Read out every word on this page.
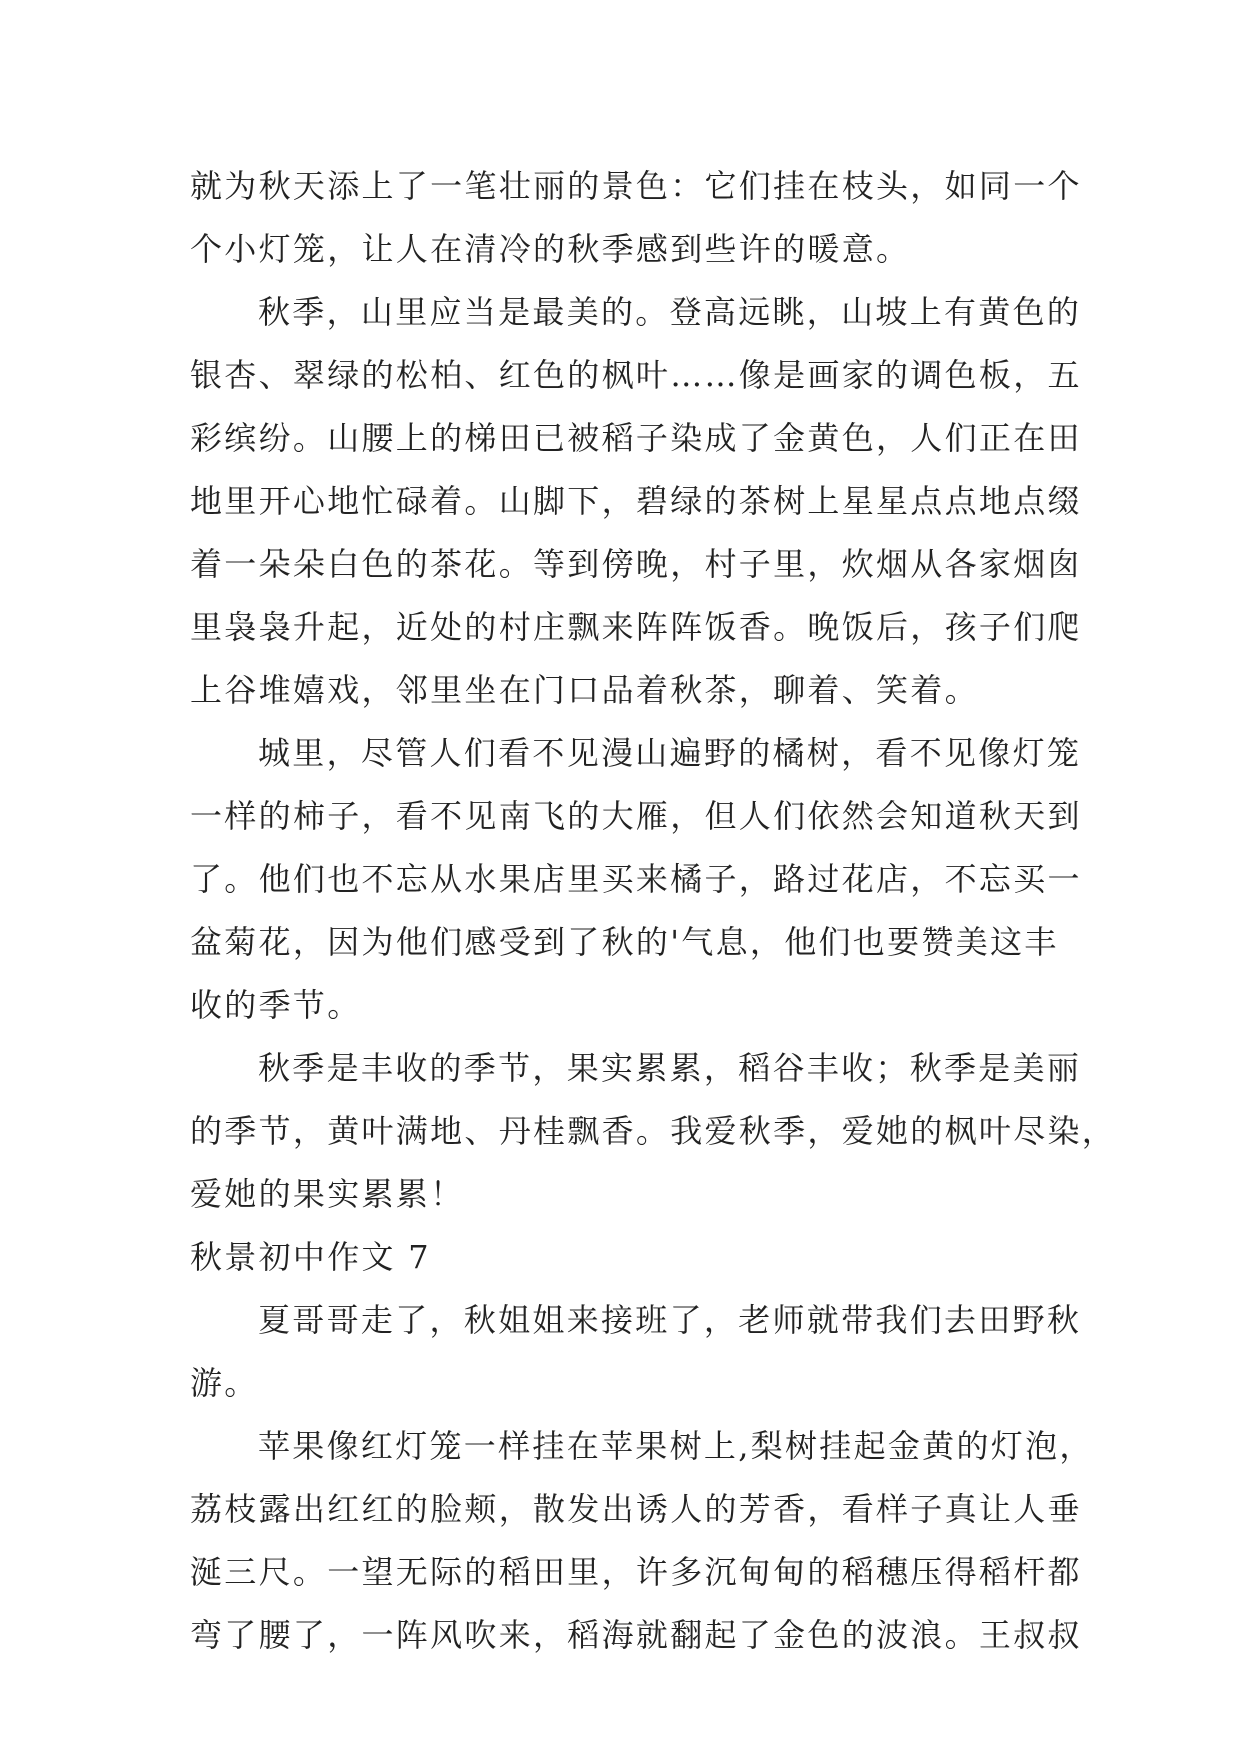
就为秋天添上了一笔壮丽的景色：它们挂在枝头，如同一个
个小灯笼，让人在清冷的秋季感到些许的暖意。
秋季，山里应当是最美的。登高远眺，山坡上有黄色的
银杏、翠绿的松柏、红色的枫叶……像是画家的调色板，五
彩缤纷。山腰上的梯田已被稻子染成了金黄色，人们正在田
地里开心地忙碌着。山脚下，碧绿的茶树上星星点点地点缀
着一朵朵白色的茶花。等到傍晚，村子里，炊烟从各家烟囱
里袅袅升起，近处的村庄飘来阵阵饭香。晚饭后，孩子们爬
上谷堆嬉戏，邻里坐在门口品着秋茶，聊着、笑着。
城里，尽管人们看不见漫山遍野的橘树，看不见像灯笼
一样的柿子，看不见南飞的大雁，但人们依然会知道秋天到
了。他们也不忘从水果店里买来橘子，路过花店，不忘买一
盆菊花，因为他们感受到了秋的'气息，他们也要赞美这丰
收的季节。
秋季是丰收的季节，果实累累，稻谷丰收；秋季是美丽
的季节，黄叶满地、丹桂飘香。我爱秋季，爱她的枫叶尽染，
爱她的果实累累！
秋景初中作文 7
夏哥哥走了，秋姐姐来接班了，老师就带我们去田野秋
游。
苹果像红灯笼一样挂在苹果树上,梨树挂起金黄的灯泡，
荔枝露出红红的脸颊，散发出诱人的芳香，看样子真让人垂
涎三尺。一望无际的稻田里，许多沉甸甸的稻穗压得稻杆都
弯了腰了，一阵风吹来，稻海就翻起了金色的波浪。王叔叔
